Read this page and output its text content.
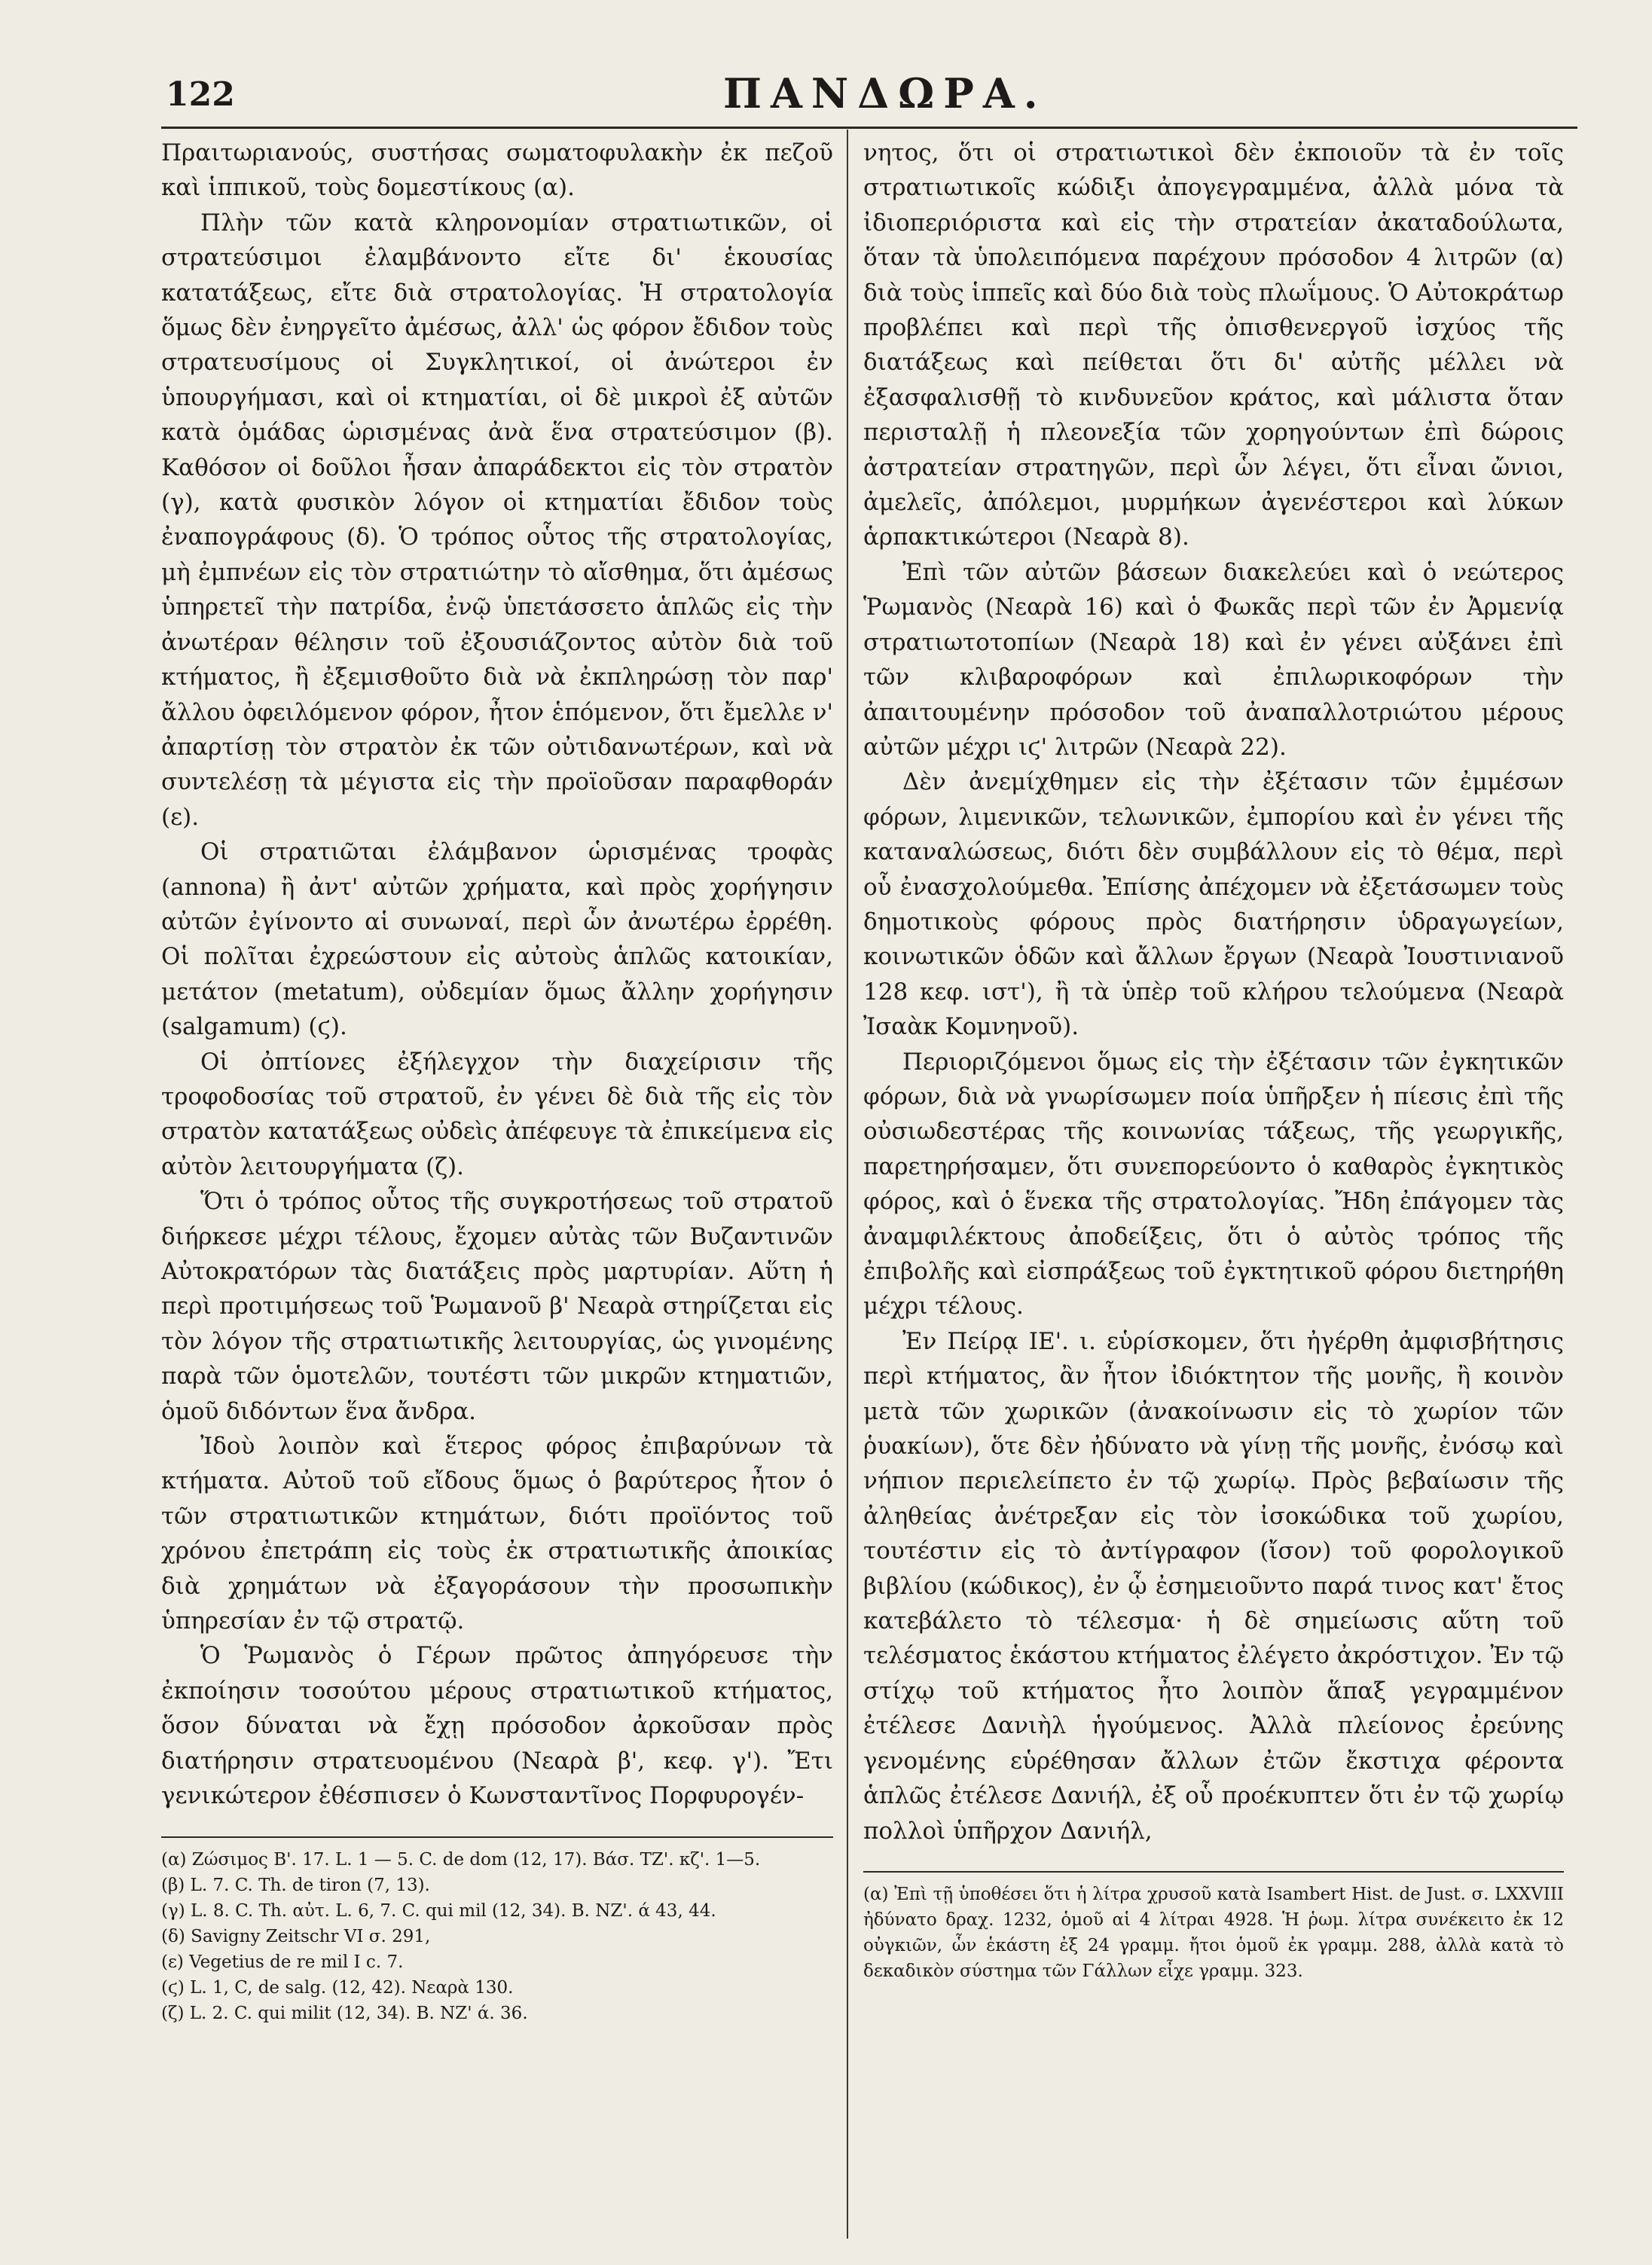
122	ΠΑΝΔΩΡΑ.

Πραιτωριανούς, συστήσας σωματοφυλακὴν ἐκ πεζοῦ καὶ ἱππικοῦ, τοὺς δομεστίκους (α).

Πλὴν τῶν κατὰ κληρονομίαν στρατιωτικῶν, οἱ στρατεύσιμοι ἐλαμβάνοντο εἴτε δι' ἑκουσίας κατατάξεως, εἴτε διὰ στρατολογίας. Ἡ στρατολογία ὅμως δὲν ἐνηργεῖτο ἀμέσως, ἀλλ' ὡς φόρον ἔδιδον τοὺς στρατευσίμους οἱ Συγκλητικοί, οἱ ἀνώτεροι ἐν ὑπουργήμασι, καὶ οἱ κτηματίαι, οἱ δὲ μικροὶ ἐξ αὐτῶν κατὰ ὁμάδας ὡρισμένας ἀνὰ ἕνα στρατεύσιμον (β). Καθόσον οἱ δοῦλοι ἦσαν ἀπαράδεκτοι εἰς τὸν στρατὸν (γ), κατὰ φυσικὸν λόγον οἱ κτηματίαι ἔδιδον τοὺς ἐναπογράφους (δ). Ὁ τρόπος οὗτος τῆς στρατολογίας, μὴ ἐμπνέων εἰς τὸν στρατιώτην τὸ αἴσθημα, ὅτι ἀμέσως ὑπηρετεῖ τὴν πατρίδα, ἐνῷ ὑπετάσσετο ἁπλῶς εἰς τὴν ἀνωτέραν θέλησιν τοῦ ἐξουσιάζοντος αὐτὸν διὰ τοῦ κτήματος, ἢ ἐξεμισθοῦτο διὰ νὰ ἐκπληρώσῃ τὸν παρ' ἄλλου ὀφειλόμενον φόρον, ἦτον ἑπόμενον, ὅτι ἔμελλε ν' ἀπαρτίσῃ τὸν στρατὸν ἐκ τῶν οὐτιδανωτέρων, καὶ νὰ συντελέσῃ τὰ μέγιστα εἰς τὴν προϊοῦσαν παραφθοράν (ε).

Οἱ στρατιῶται ἐλάμβανον ὡρισμένας τροφὰς (annona) ἢ ἀντ' αὐτῶν χρήματα, καὶ πρὸς χορήγησιν αὐτῶν ἐγίνοντο αἱ συνωναί, περὶ ὧν ἀνωτέρω ἐρρέθη. Οἱ πολῖται ἐχρεώστουν εἰς αὐτοὺς ἁπλῶς κατοικίαν, μετάτον (metatum), οὐδεμίαν ὅμως ἄλλην χορήγησιν (salgamum) (ϛ).

Οἱ ὀπτίονες ἐξήλεγχον τὴν διαχείρισιν τῆς τροφοδοσίας τοῦ στρατοῦ, ἐν γένει δὲ διὰ τῆς εἰς τὸν στρατὸν κατατάξεως οὐδεὶς ἀπέφευγε τὰ ἐπικείμενα εἰς αὐτὸν λειτουργήματα (ζ).

Ὅτι ὁ τρόπος οὗτος τῆς συγκροτήσεως τοῦ στρατοῦ διήρκεσε μέχρι τέλους, ἔχομεν αὐτὰς τῶν Βυζαντινῶν Αὐτοκρατόρων τὰς διατάξεις πρὸς μαρτυρίαν. Αὕτη ἡ περὶ προτιμήσεως τοῦ Ῥωμανοῦ β' Νεαρὰ στηρίζεται εἰς τὸν λόγον τῆς στρατιωτικῆς λειτουργίας, ὡς γινομένης παρὰ τῶν ὁμοτελῶν, τουτέστι τῶν μικρῶν κτηματιῶν, ὁμοῦ διδόντων ἕνα ἄνδρα.

Ἰδοὺ λοιπὸν καὶ ἕτερος φόρος ἐπιβαρύνων τὰ κτήματα. Αὐτοῦ τοῦ εἴδους ὅμως ὁ βαρύτερος ἦτον ὁ τῶν στρατιωτικῶν κτημάτων, διότι προϊόντος τοῦ χρόνου ἐπετράπη εἰς τοὺς ἐκ στρατιωτικῆς ἀποικίας διὰ χρημάτων νὰ ἐξαγοράσουν τὴν προσωπικὴν ὑπηρεσίαν ἐν τῷ στρατῷ.

Ὁ Ῥωμανὸς ὁ Γέρων πρῶτος ἀπηγόρευσε τὴν ἐκποίησιν τοσούτου μέρους στρατιωτικοῦ κτήματος, ὅσον δύναται νὰ ἔχῃ πρόσοδον ἀρκοῦσαν πρὸς διατήρησιν στρατευομένου (Νεαρὰ β', κεφ. γ'). Ἔτι γενικώτερον ἐθέσπισεν ὁ Κωνσταντῖνος Πορφυρογέν-

(α) Ζώσιμος Β'. 17. L. 1 — 5. C. de dom (12, 17). Βάσ. ΤΖ'. κζ'. 1—5.
(β) L. 7. C. Th. de tiron (7, 13).
(γ) L. 8. C. Th. αὐτ. L. 6, 7. C. qui mil (12, 34). Β. ΝΖ'. ά 43, 44.
(δ) Savigny Zeitschr VI σ. 291,
(ε) Vegetius de re mil I c. 7.
(ϛ) L. 1, C, de salg. (12, 42). Νεαρὰ 130.
(ζ) L. 2. C. qui milit (12, 34). Β. ΝΖ' ά. 36.

νητος, ὅτι οἱ στρατιωτικοὶ δὲν ἐκποιοῦν τὰ ἐν τοῖς στρατιωτικοῖς κώδιξι ἀπογεγραμμένα, ἀλλὰ μόνα τὰ ἰδιοπεριόριστα καὶ εἰς τὴν στρατείαν ἀκαταδούλωτα, ὅταν τὰ ὑπολειπόμενα παρέχουν πρόσοδον 4 λιτρῶν (α) διὰ τοὺς ἱππεῖς καὶ δύο διὰ τοὺς πλωΐμους. Ὁ Αὐτοκράτωρ προβλέπει καὶ περὶ τῆς ὀπισθενεργοῦ ἰσχύος τῆς διατάξεως καὶ πείθεται ὅτι δι' αὐτῆς μέλλει νὰ ἐξασφαλισθῇ τὸ κινδυνεῦον κράτος, καὶ μάλιστα ὅταν περισταλῇ ἡ πλεονεξία τῶν χορηγούντων ἐπὶ δώροις ἀστρατείαν στρατηγῶν, περὶ ὧν λέγει, ὅτι εἶναι ὤνιοι, ἀμελεῖς, ἀπόλεμοι, μυρμήκων ἀγενέστεροι καὶ λύκων ἁρπακτικώτεροι (Νεαρὰ 8).

Ἐπὶ τῶν αὐτῶν βάσεων διακελεύει καὶ ὁ νεώτερος Ῥωμανὸς (Νεαρὰ 16) καὶ ὁ Φωκᾶς περὶ τῶν ἐν Ἀρμενίᾳ στρατιωτοτοπίων (Νεαρὰ 18) καὶ ἐν γένει αὐξάνει ἐπὶ τῶν κλιβαροφόρων καὶ ἐπιλωρικοφόρων τὴν ἀπαιτουμένην πρόσοδον τοῦ ἀναπαλλοτριώτου μέρους αὐτῶν μέχρι ιϛ' λιτρῶν (Νεαρὰ 22).

Δὲν ἀνεμίχθημεν εἰς τὴν ἐξέτασιν τῶν ἐμμέσων φόρων, λιμενικῶν, τελωνικῶν, ἐμπορίου καὶ ἐν γένει τῆς καταναλώσεως, διότι δὲν συμβάλλουν εἰς τὸ θέμα, περὶ οὗ ἐνασχολούμεθα. Ἐπίσης ἀπέχομεν νὰ ἐξετάσωμεν τοὺς δημοτικοὺς φόρους πρὸς διατήρησιν ὑδραγωγείων, κοινωτικῶν ὁδῶν καὶ ἄλλων ἔργων (Νεαρὰ Ἰουστινιανοῦ 128 κεφ. ιστ'), ἢ τὰ ὑπὲρ τοῦ κλήρου τελούμενα (Νεαρὰ Ἰσαὰκ Κομνηνοῦ).

Περιοριζόμενοι ὅμως εἰς τὴν ἐξέτασιν τῶν ἐγκητικῶν φόρων, διὰ νὰ γνωρίσωμεν ποία ὑπῆρξεν ἡ πίεσις ἐπὶ τῆς οὐσιωδεστέρας τῆς κοινωνίας τάξεως, τῆς γεωργικῆς, παρετηρήσαμεν, ὅτι συνεπορεύοντο ὁ καθαρὸς ἐγκητικὸς φόρος, καὶ ὁ ἕνεκα τῆς στρατολογίας. Ἤδη ἐπάγομεν τὰς ἀναμφιλέκτους ἀποδείξεις, ὅτι ὁ αὐτὸς τρόπος τῆς ἐπιβολῆς καὶ εἰσπράξεως τοῦ ἐγκτητικοῦ φόρου διετηρήθη μέχρι τέλους.

Ἐν Πείρᾳ ΙΕ'. ι. εὑρίσκομεν, ὅτι ἠγέρθη ἀμφισβήτησις περὶ κτήματος, ἂν ἦτον ἰδιόκτητον τῆς μονῆς, ἢ κοινὸν μετὰ τῶν χωρικῶν (ἀνακοίνωσιν εἰς τὸ χωρίον τῶν ῥυακίων), ὅτε δὲν ἠδύνατο νὰ γίνῃ τῆς μονῆς, ἐνόσῳ καὶ νήπιον περιελείπετο ἐν τῷ χωρίῳ. Πρὸς βεβαίωσιν τῆς ἀληθείας ἀνέτρεξαν εἰς τὸν ἰσοκώδικα τοῦ χωρίου, τουτέστιν εἰς τὸ ἀντίγραφον (ἴσον) τοῦ φορολογικοῦ βιβλίου (κώδικος), ἐν ᾧ ἐσημειοῦντο παρά τινος κατ' ἔτος κατεβάλετο τὸ τέλεσμα· ἡ δὲ σημείωσις αὕτη τοῦ τελέσματος ἑκάστου κτήματος ἐλέγετο ἀκρόστιχον. Ἐν τῷ στίχῳ τοῦ κτήματος ἦτο λοιπὸν ἅπαξ γεγραμμένον ἐτέλεσε Δανιὴλ ἡγούμενος. Ἀλλὰ πλείονος ἐρεύνης γενομένης εὑρέθησαν ἄλλων ἐτῶν ἔκστιχα φέροντα ἁπλῶς ἐτέλεσε Δανιήλ, ἐξ οὗ προέκυπτεν ὅτι ἐν τῷ χωρίῳ πολλοὶ ὑπῆρχον Δανιήλ,

(α) Ἐπὶ τῇ ὑποθέσει ὅτι ἡ λίτρα χρυσοῦ κατὰ Isambert Hist. de Just. σ. LXXVIII ἠδύνατο δραχ. 1232, ὁμοῦ αἱ 4 λίτραι 4928. Ἡ ῥωμ. λίτρα συνέκειτο ἐκ 12 οὐγκιῶν, ὧν ἑκάστη ἐξ 24 γραμμ. ἤτοι ὁμοῦ ἐκ γραμμ. 288, ἀλλὰ κατὰ τὸ δεκαδικὸν σύστημα τῶν Γάλλων εἶχε γραμμ. 323.
